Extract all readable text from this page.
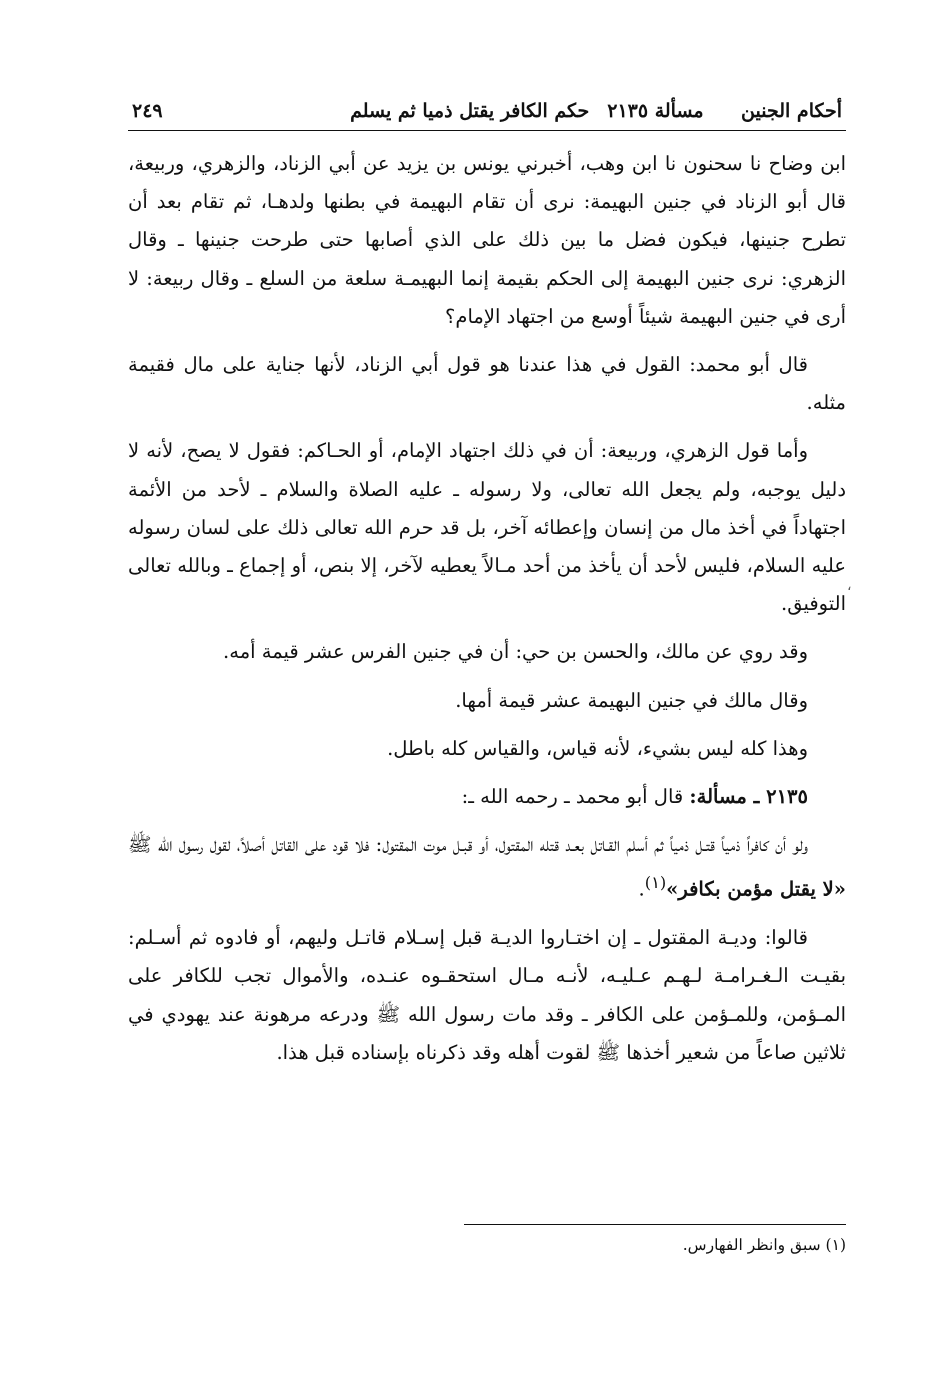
أحكام الجنين
مسألة ٢١٣٥
حكم الكافر يقتل ذميا ثم يسلم
٢٤٩

ابن وضاح نا سحنون نا ابن وهب، أخبرني يونس بن يزيد عن أبي الزناد، والزهري، وربيعة، قال أبو الزناد في جنين البهيمة: نرى أن تقام البهيمة في بطنها ولدهـا، ثم تقام بعد أن تطرح جنينها، فيكون فضل ما بين ذلك على الذي أصابها حتى طرحت جنينها ـ وقال الزهري: نرى جنين البهيمة إلى الحكم بقيمة إنما البهيمـة سلعة من السلع ـ وقال ربيعة: لا أرى في جنين البهيمة شيئاً أوسع من اجتهاد الإمام؟

قال أبو محمد: القول في هذا عندنا هو قول أبي الزناد، لأنها جناية على مال فقيمة مثله.

وأما قول الزهري، وربيعة: أن في ذلك اجتهاد الإمام، أو الحـاكم: فقول لا يصح، لأنه لا دليل يوجبه، ولم يجعل الله تعالى، ولا رسوله ـ عليه الصلاة والسلام ـ لأحد من الأئمة اجتهاداً في أخذ مال من إنسان وإعطائه آخر، بل قد حرم الله تعالى ذلك على لسان رسوله عليه السلام، فليس لأحد أن يأخذ من أحد مـالاً يعطيه لآخر، إلا بنص، أو إجماع ـ وبالله تعالى التوفيق.

وقد روي عن مالك، والحسن بن حي: أن في جنين الفرس عشر قيمة أمه.

وقال مالك في جنين البهيمة عشر قيمة أمها.

وهذا كله ليس بشيء، لأنه قياس، والقياس كله باطل.

٢١٣٥ ـ مسألة: قال أبو محمد ـ رحمه الله ـ:

ولو أن كافراً ذمياً قتـل ذمياً ثم أسلم القـاتل بعـد قتله المقتول، أو قبـل موت المقتول: فلا قود على القاتل أصلاً، لقول رسول الله ﷺ «لا يقتل مؤمن بكافر»$^{(١)}$.

قالوا: وديـة المقتول ـ إن اختـاروا الديـة قبل إسـلام قاتـل وليهم، أو فادوه ثم أسـلم: بقيـت الـغـرامـة لـهـم عـليـه، لأنـه مـال استحقـوه عنـده، والأموال تجب للكافر على المـؤمن، وللمـؤمن على الكافر ـ وقد مات رسول الله ﷺ ودرعه مرهونة عند يهودي في ثلاثين صاعاً من شعير أخذها ﷺ لقوت أهله وقد ذكرناه بإسناده قبل هذا.

،
(١) سبق وانظر الفهارس.
